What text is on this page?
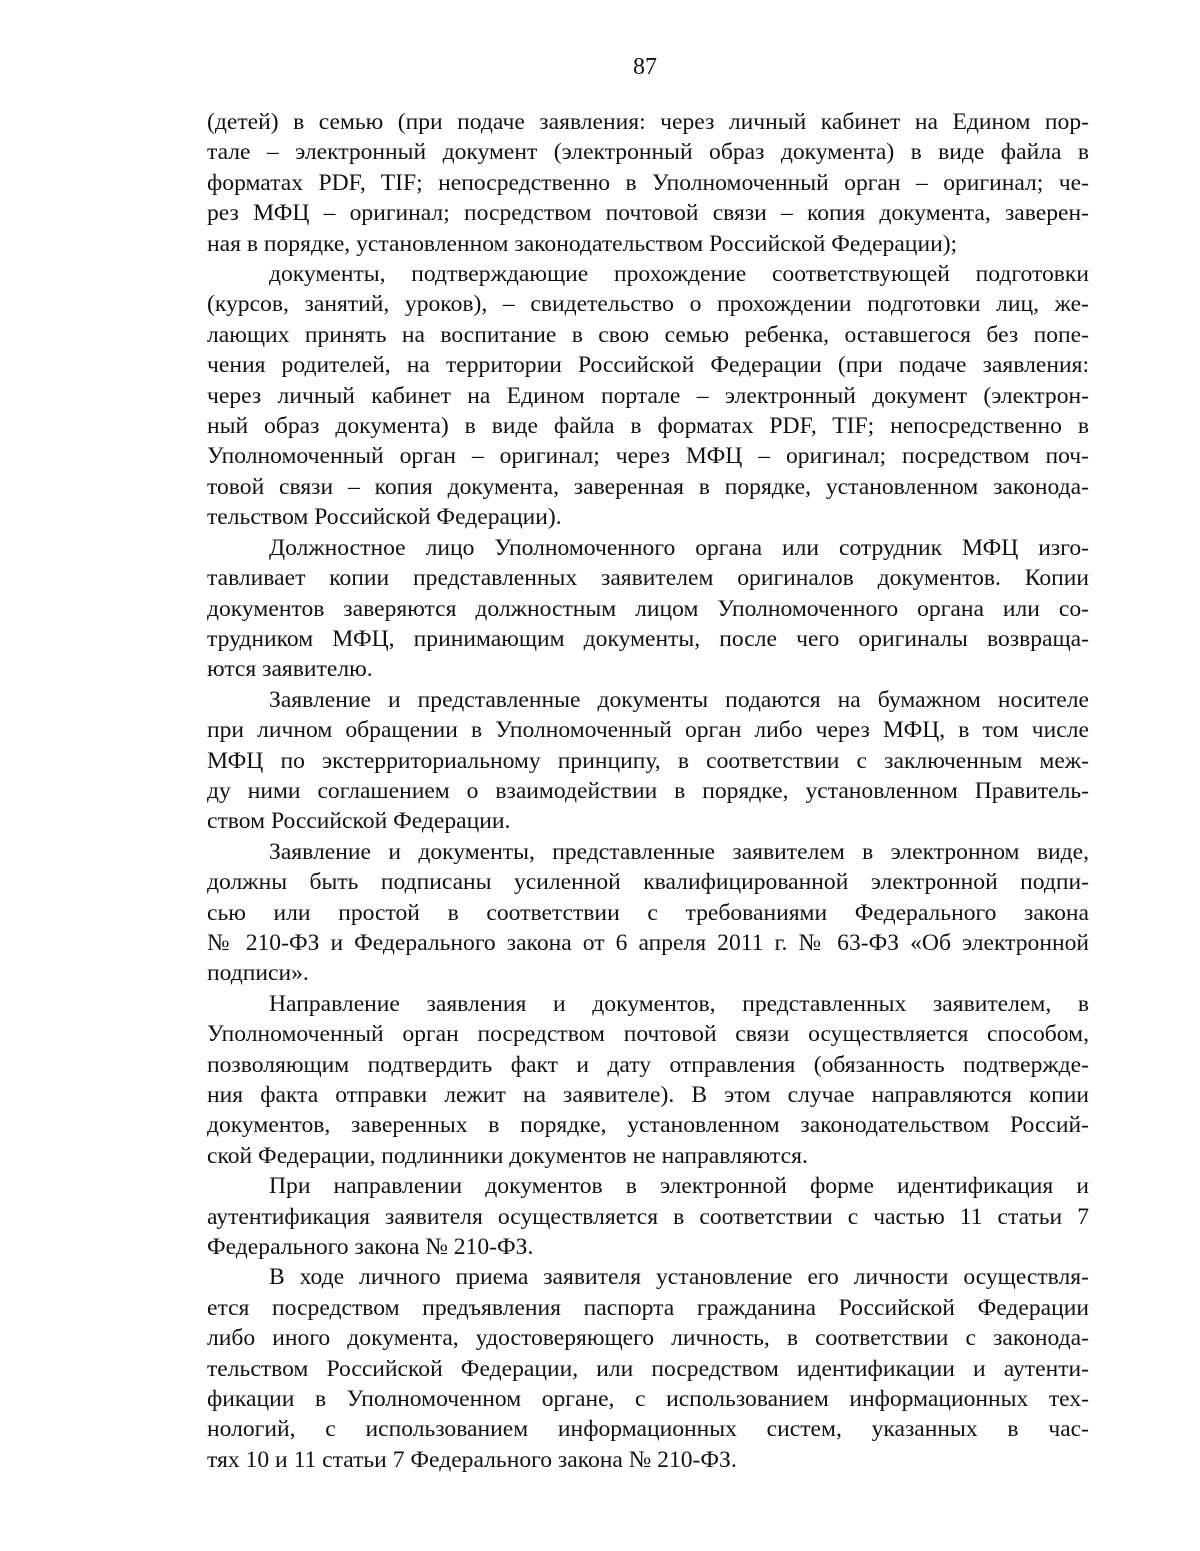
87
(детей) в семью (при подаче заявления: через личный кабинет на Едином пор-
тале – электронный документ (электронный образ документа) в виде файла в
форматах PDF, TIF; непосредственно в Уполномоченный орган – оригинал; че-
рез МФЦ – оригинал; посредством почтовой связи – копия документа, заверен-
ная в порядке, установленном законодательством Российской Федерации);
документы, подтверждающие прохождение соответствующей подготовки
(курсов, занятий, уроков), – свидетельство о прохождении подготовки лиц, же-
лающих принять на воспитание в свою семью ребенка, оставшегося без попе-
чения родителей, на территории Российской Федерации (при подаче заявления:
через личный кабинет на Едином портале – электронный документ (электрон-
ный образ документа) в виде файла в форматах PDF, TIF; непосредственно в
Уполномоченный орган – оригинал; через МФЦ – оригинал; посредством поч-
товой связи – копия документа, заверенная в порядке, установленном законода-
тельством Российской Федерации).
Должностное лицо Уполномоченного органа или сотрудник МФЦ изго-
тавливает копии представленных заявителем оригиналов документов. Копии
документов заверяются должностным лицом Уполномоченного органа или со-
трудником МФЦ, принимающим документы, после чего оригиналы возвраща-
ются заявителю.
Заявление и представленные документы подаются на бумажном носителе
при личном обращении в Уполномоченный орган либо через МФЦ, в том числе
МФЦ по экстерриториальному принципу, в соответствии с заключенным меж-
ду ними соглашением о взаимодействии в порядке, установленном Правитель-
ством Российской Федерации.
Заявление и документы, представленные заявителем в электронном виде,
должны быть подписаны усиленной квалифицированной электронной подпи-
сью или простой в соответствии с требованиями Федерального закона
№ 210-ФЗ и Федерального закона от 6 апреля 2011 г. № 63-ФЗ «Об электронной
подписи».
Направление заявления и документов, представленных заявителем, в
Уполномоченный орган посредством почтовой связи осуществляется способом,
позволяющим подтвердить факт и дату отправления (обязанность подтвержде-
ния факта отправки лежит на заявителе). В этом случае направляются копии
документов, заверенных в порядке, установленном законодательством Россий-
ской Федерации, подлинники документов не направляются.
При направлении документов в электронной форме идентификация и
аутентификация заявителя осуществляется в соответствии с частью 11 статьи 7
Федерального закона № 210-ФЗ.
В ходе личного приема заявителя установление его личности осуществля-
ется посредством предъявления паспорта гражданина Российской Федерации
либо иного документа, удостоверяющего личность, в соответствии с законода-
тельством Российской Федерации, или посредством идентификации и аутенти-
фикации в Уполномоченном органе, с использованием информационных тех-
нологий, с использованием информационных систем, указанных в час-
тях 10 и 11 статьи 7 Федерального закона № 210-ФЗ.
